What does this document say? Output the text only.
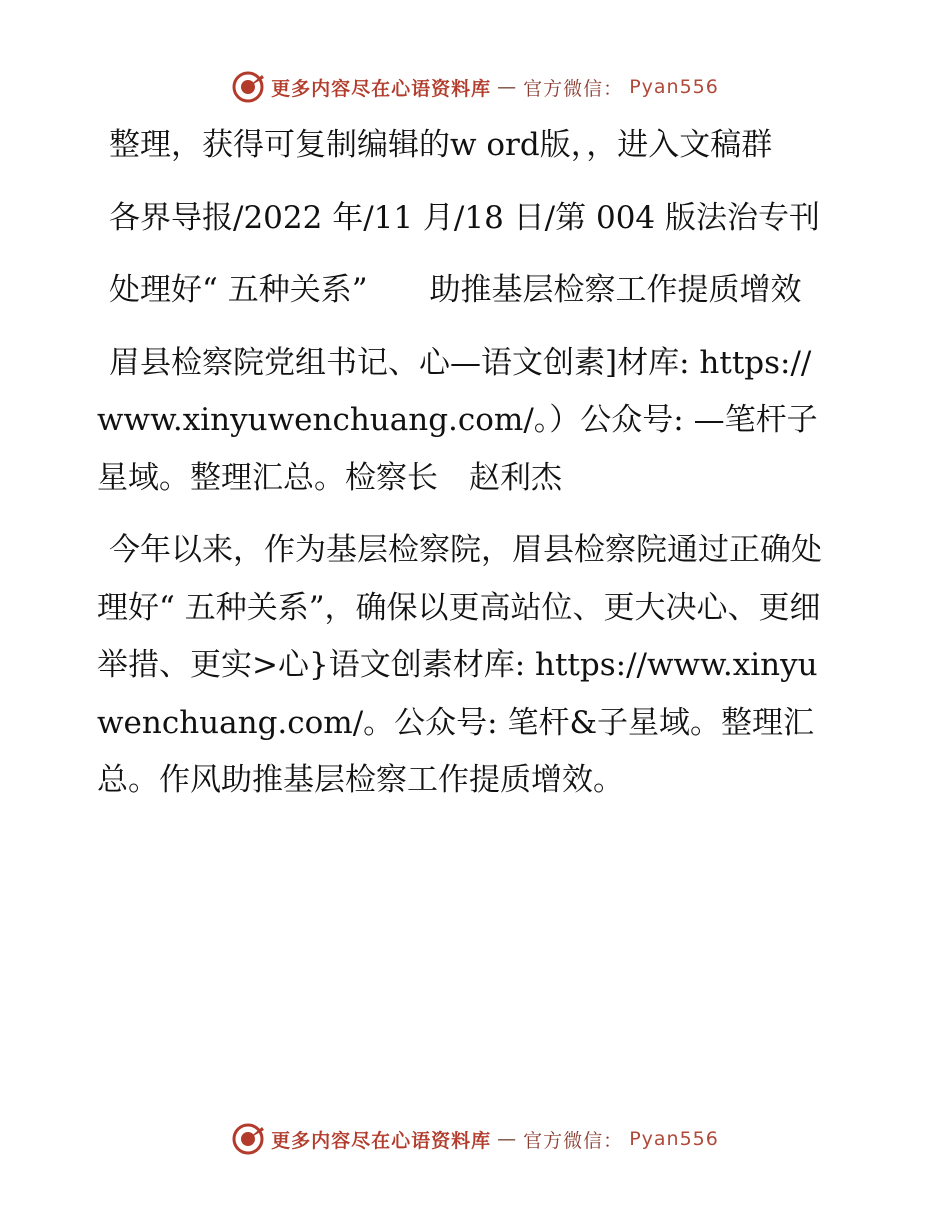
更多内容尽在心语资料库 — 官方微信： Pyan556

整理，获得可复制编辑的w ord版，，进入文稿群

各界导报/2022 年/11 月/18 日/第 004 版法治专刊

处理好“ 五种关系”　　助推基层检察工作提质增效

眉县检察院党组书记、心—语文创素]材库: https://www.xinyuwenchuang.com/。）公众号: —笔杆子星域。整理汇总。检察长　赵利杰

今年以来，作为基层检察院，眉县检察院通过正确处理好“ 五种关系”，确保以更高站位、更大决心、更细举措、更实>心}语文创素材库: https://www.xinyuwenchuang.com/。公众号: 笔杆&子星域。整理汇总。作风助推基层检察工作提质增效。

更多内容尽在心语资料库 — 官方微信： Pyan556
